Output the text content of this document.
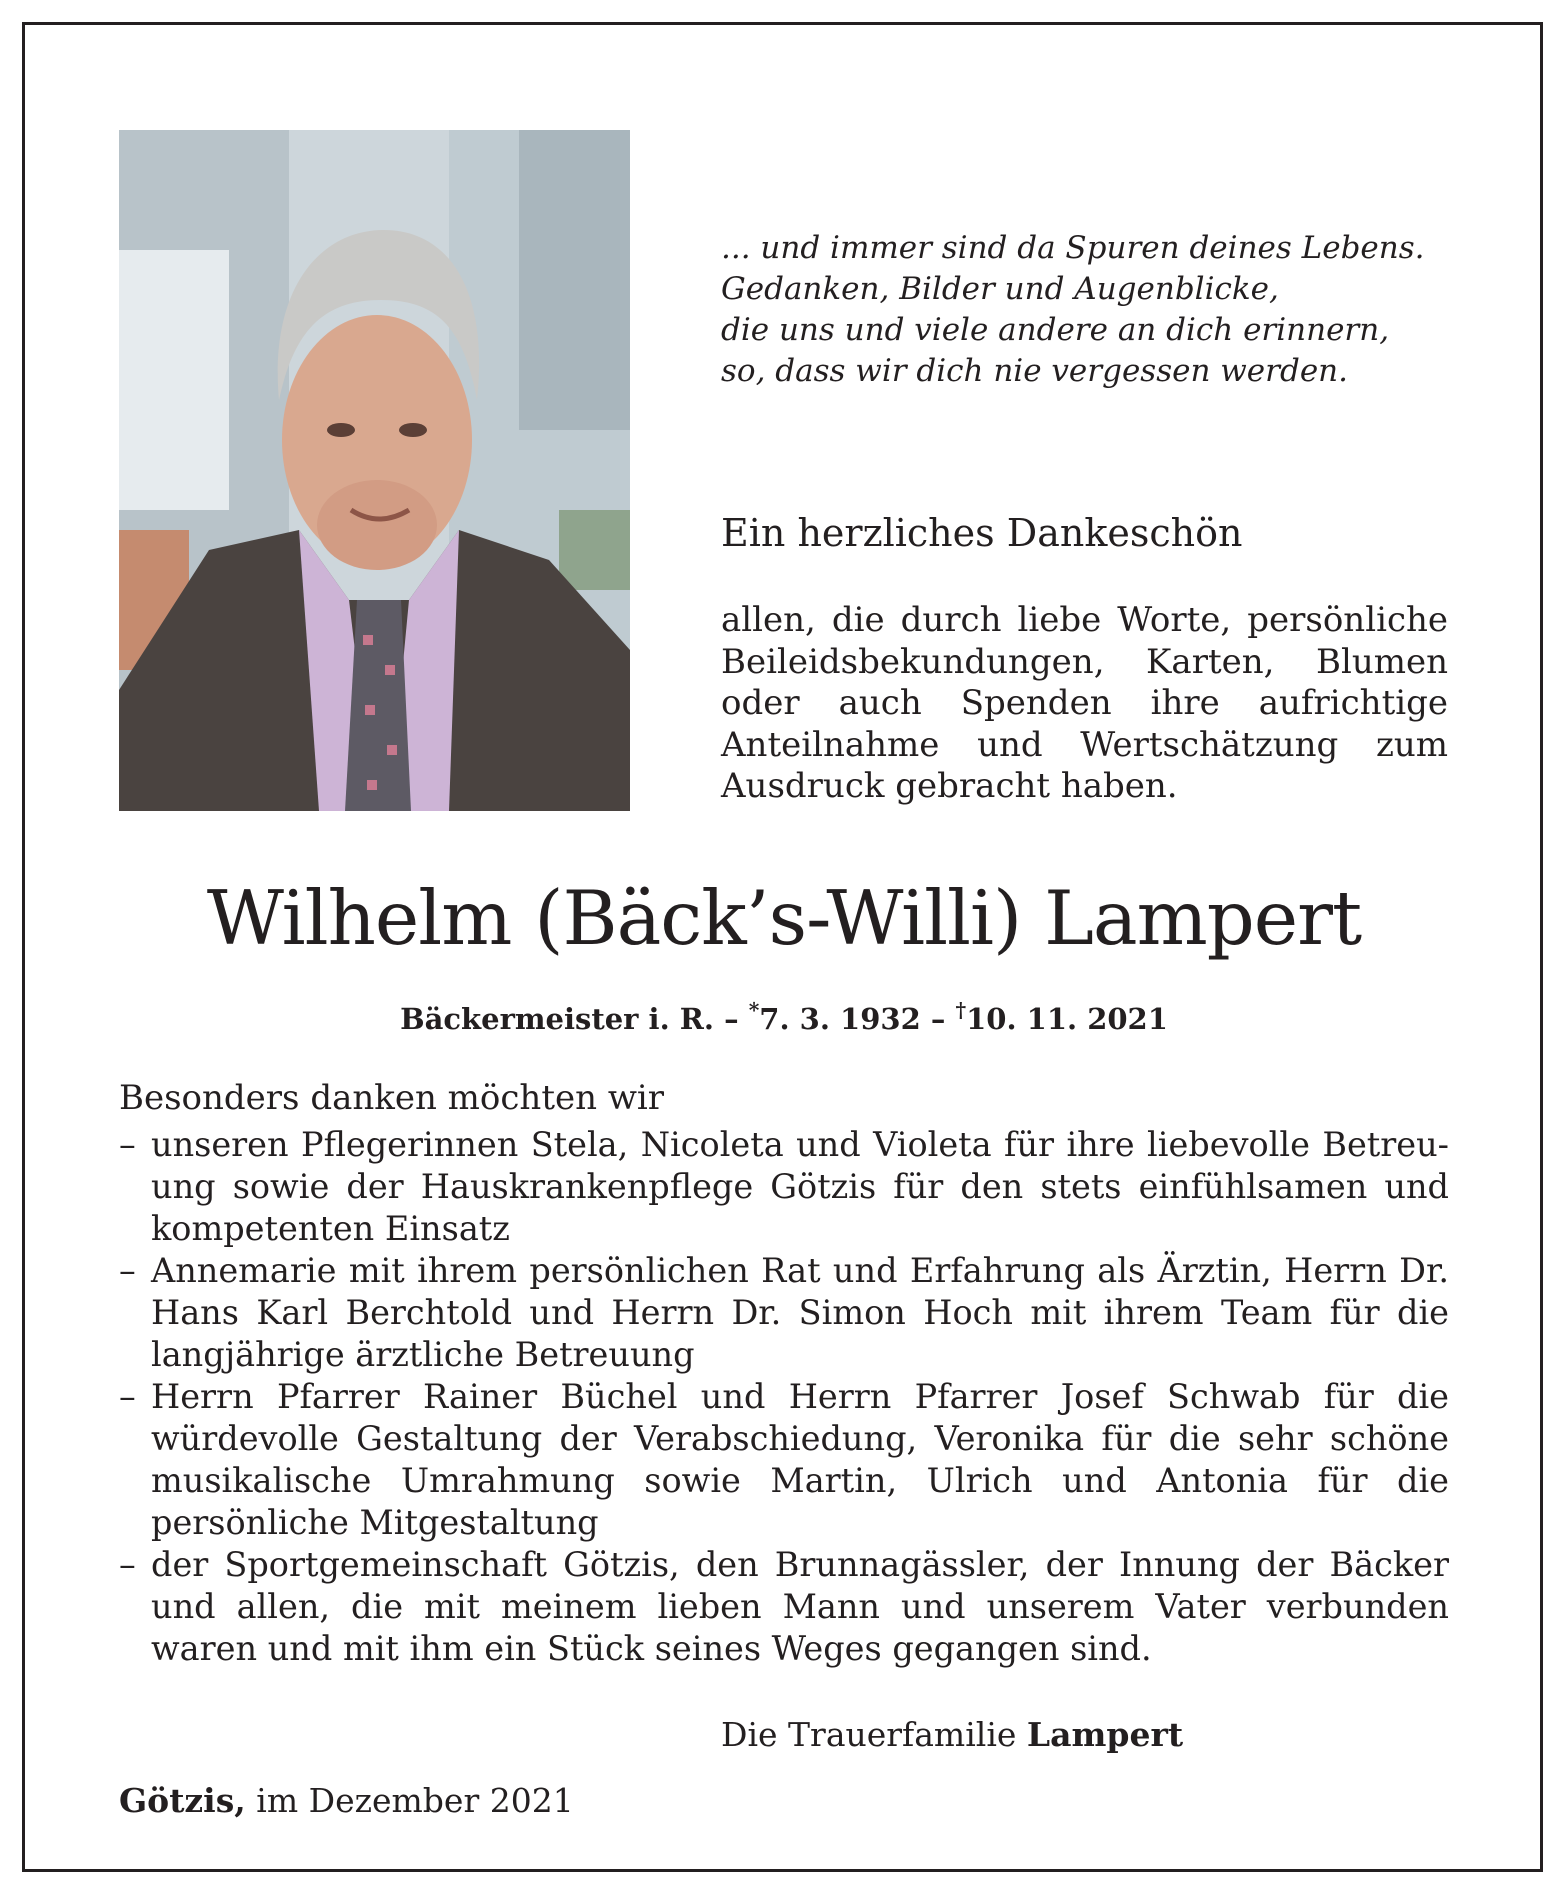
... und immer sind da Spuren deines Lebens.
Gedanken, Bilder und Augenblicke,
die uns und viele andere an dich erinnern,
so, dass wir dich nie vergessen werden.
Ein herzliches Dankeschön
allen, die durch liebe Worte, persönliche Beileidsbekundungen, Karten, Blumen oder auch Spenden ihre aufrichtige Anteilnahme und Wertschätzung zum Ausdruck gebracht haben.
Wilhelm (Bäck’s-Willi) Lampert
Bäckermeister i. R. – *7. 3. 1932 – †10. 11. 2021
Besonders danken möchten wir
– unseren Pflegerinnen Stela, Nicoleta und Violeta für ihre liebevolle Betreuung sowie der Hauskrankenpflege Götzis für den stets einfühlsamen und kompetenten Einsatz
– Annemarie mit ihrem persönlichen Rat und Erfahrung als Ärztin, Herrn Dr. Hans Karl Berchtold und Herrn Dr. Simon Hoch mit ihrem Team für die langjährige ärztliche Betreuung
– Herrn Pfarrer Rainer Büchel und Herrn Pfarrer Josef Schwab für die würdevolle Gestaltung der Verabschiedung, Veronika für die sehr schöne musikalische Umrahmung sowie Martin, Ulrich und Antonia für die persönliche Mitgestaltung
– der Sportgemeinschaft Götzis, den Brunnagässler, der Innung der Bäcker und allen, die mit meinem lieben Mann und unserem Vater verbunden waren und mit ihm ein Stück seines Weges gegangen sind.
Die Trauerfamilie Lampert
Götzis, im Dezember 2021
